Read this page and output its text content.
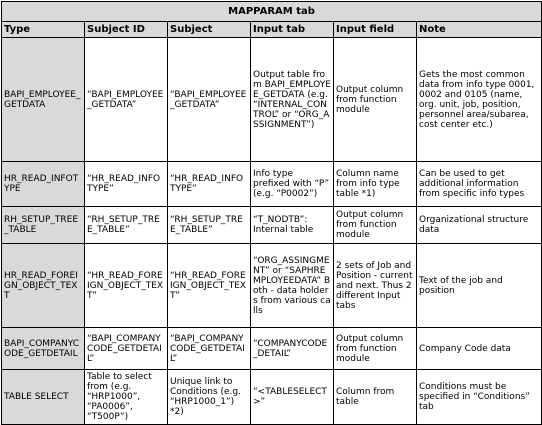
MAPPARAM tab					
Type	Subject ID	Subject	Input tab	Input field	Note
BAPI_EMPLOYEE_GETDATA	“BAPI_EMPLOYEE_GETDATA”	“BAPI_EMPLOYEE_GETDATA”	Output table from BAPI_EMPLOYEE_GETDATA (e.g. “INTERNAL_CONTROL” or “ORG_ASSIGNMENT”)	Output column from function module	Gets the most common data from info type 0001, 0002 and 0105 (name, org. unit, job, position, personnel area/subarea, cost center etc.)
HR_READ_INFOTYPE	“HR_READ_INFOTYPE”	“HR_READ_INFOTYPE”	Info type prefixed with “P” (e.g. “P0002”)	Column name from info type table *1)	Can be used to get additional information from specific info types
RH_SETUP_TREE_TABLE	“RH_SETUP_TREE_TABLE”	“RH_SETUP_TREE_TABLE”	“T_NODTB”: Internal table	Output column from function module	Organizational structure data
HR_READ_FOREIGN_OBJECT_TEXT	“HR_READ_FOREIGN_OBJECT_TEXT”	“HR_READ_FOREIGN_OBJECT_TEXT”	“ORG_ASSINGMENT” or “SAPHREMPLOYEEDATA” Both - data holders from various calls	2 sets of Job and Position - current and next. Thus 2 different Input tabs	Text of the job and position
BAPI_COMPANYCODE_GETDETAIL	“BAPI_COMPANYCODE_GETDETAIL”	“BAPI_COMPANYCODE_GETDETAIL”	“COMPANYCODE_DETAIL”	Output column from function module	Company Code data
TABLE SELECT	Table to select from (e.g. “HRP1000”, “PA0006”, “T500P”)	Unique link to Conditions (e.g. “HRP1000_1”) *2)	“<TABLESELECT>”	Column from table	Conditions must be specified in “Conditions” tab
